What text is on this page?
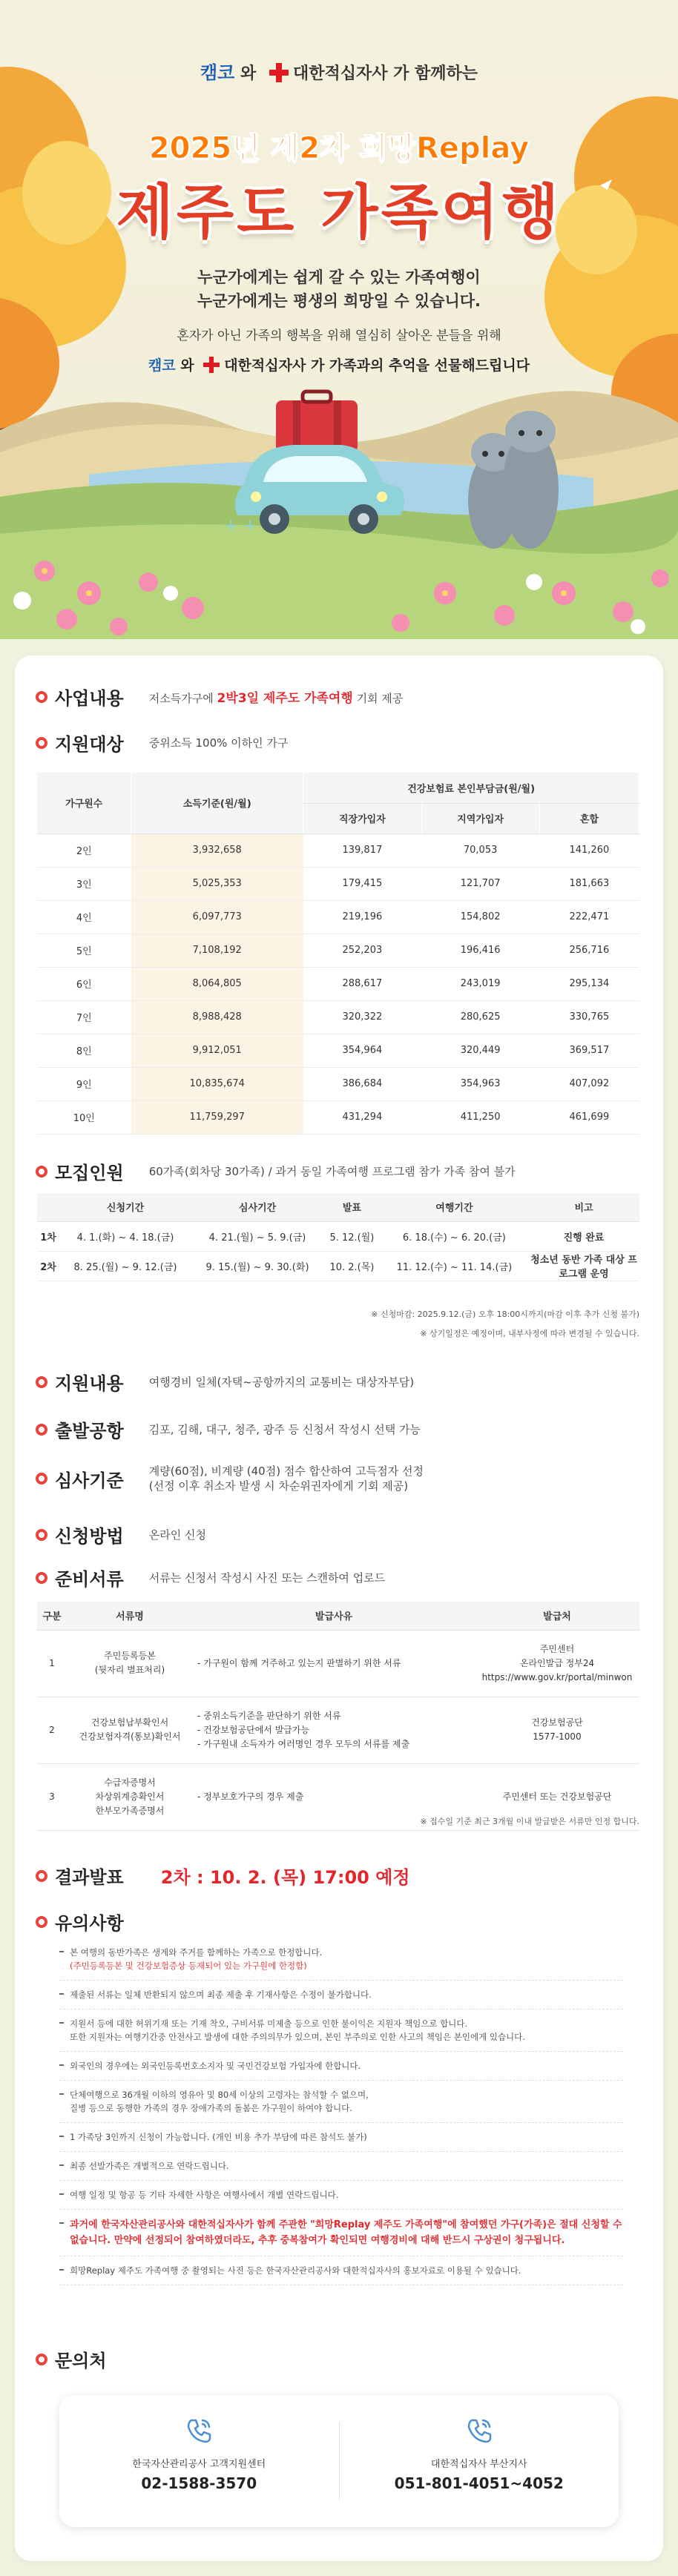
캠코 와 대한적십자사 가 함께하는
2025년 제2차 희망Replay
제주도 가족여행
누군가에게는 쉽게 갈 수 있는 가족여행이
누군가에게는 평생의 희망일 수 있습니다.
혼자가 아닌 가족의 행복을 위해 열심히 살아온 분들을 위해
캠코 와 대한적십자사 가 가족과의 추억을 선물해드립니다
+ +
사업내용 저소득가구에 2박3일 제주도 가족여행 기회 제공
지원대상 중위소득 100% 이하인 가구
가구원수	소득기준(원/월)	건강보험료 본인부담금(원/월)		
		직장가입자	지역가입자	혼합
2인	3,932,658	139,817	70,053	141,260
3인	5,025,353	179,415	121,707	181,663
4인	6,097,773	219,196	154,802	222,471
5인	7,108,192	252,203	196,416	256,716
6인	8,064,805	288,617	243,019	295,134
7인	8,988,428	320,322	280,625	330,765
8인	9,912,051	354,964	320,449	369,517
9인	10,835,674	386,684	354,963	407,092
10인	11,759,297	431,294	411,250	461,699
모집인원 60가족(회차당 30가족) / 과거 동일 가족여행 프로그램 참가 가족 참여 불가
	신청기간	심사기간	발표	여행기간	비고
1차	4. 1.(화) ~ 4. 18.(금)	4. 21.(월) ~ 5. 9.(금)	5. 12.(월)	6. 18.(수) ~ 6. 20.(금)	진행 완료
2차	8. 25.(월) ~ 9. 12.(금)	9. 15.(월) ~ 9. 30.(화)	10. 2.(목)	11. 12.(수) ~ 11. 14.(금)	청소년 동반 가족 대상 프로그램 운영
※ 신청마감: 2025.9.12.(금) 오후 18:00시까지(마감 이후 추가 신청 불가)
※ 상기일정은 예정이며, 내부사정에 따라 변경될 수 있습니다.
지원내용 여행경비 일체(자택~공항까지의 교통비는 대상자부담)
출발공항 김포, 김해, 대구, 청주, 광주 등 신청서 작성시 선택 가능
심사기준 계량(60점), 비계량 (40점) 점수 합산하여 고득점자 선정
(선정 이후 취소자 발생 시 차순위권자에게 기회 제공)
신청방법 온라인 신청
준비서류 서류는 신청서 작성시 사진 또는 스캔하여 업로드
구분	서류명	발급사유	발급처
1	주민등록등본
(뒷자리 별표처리)	- 가구원이 함께 거주하고 있는지 판별하기 위한 서류	주민센터
온라인발급 정부24
https://www.gov.kr/portal/minwon

2	건강보험납부확인서
건강보험자격(통보)확인서	- 중위소득기준을 판단하기 위한 서류
- 건강보험공단에서 발급가능
- 가구원내 소득자가 여러명인 경우 모두의 서류를 제출	건강보험공단
1577-1000

3	수급자증명서
차상위계층확인서
한부모가족증명서	- 정부보호가구의 경우 제출	주민센터 또는 건강보험공단
※ 접수일 기준 최근 3개월 이내 발급받은 서류만 인정 합니다.
결과발표 2차 : 10. 2. (목) 17:00 예정
유의사항
본 여행의 동반가족은 생계와 주거를 함께하는 가족으로 한정합니다.
(주민등록등본 및 건강보험증상 등재되어 있는 가구원에 한정함)
제출된 서류는 일체 반환되지 않으며 최종 제출 후 기재사항은 수정이 불가합니다.
지원서 등에 대한 허위기재 또는 기재 착오, 구비서류 미제출 등으로 인한 불이익은 지원자 책임으로 합니다.
또한 지원자는 여행기간중 안전사고 발생에 대한 주의의무가 있으며, 본인 부주의로 인한 사고의 책임은 본인에게 있습니다.
외국인의 경우에는 외국인등록번호소지자 및 국민건강보험 가입자에 한합니다.
단체여행으로 36개월 이하의 영유아 및 80세 이상의 고령자는 참석할 수 없으며,
질병 등으로 동행한 가족의 경우 장애가족의 돌봄은 가구원이 하여야 합니다.
1 가족당 3인까지 신청이 가능합니다. (개인 비용 추가 부담에 따른 참석도 불가)
최종 선발가족은 개별적으로 연락드립니다.
여행 일정 및 항공 등 기타 자세한 사항은 여행사에서 개별 연락드립니다.
과거에 한국자산관리공사와 대한적십자사가 함께 주관한 "희망Replay 제주도 가족여행"에 참여했던 가구(가족)은 절대 신청할 수 없습니다. 만약에 선정되어 참여하였더라도, 추후 중복참여가 확인되면 여행경비에 대해 반드시 구상권이 청구됩니다.
희망Replay 제주도 가족여행 중 촬영되는 사진 등은 한국자산관리공사와 대한적십자사의 홍보자료로 이용될 수 있습니다.
문의처
한국자산관리공사 고객지원센터
02-1588-3570
대한적십자사 부산지사
051-801-4051~4052
